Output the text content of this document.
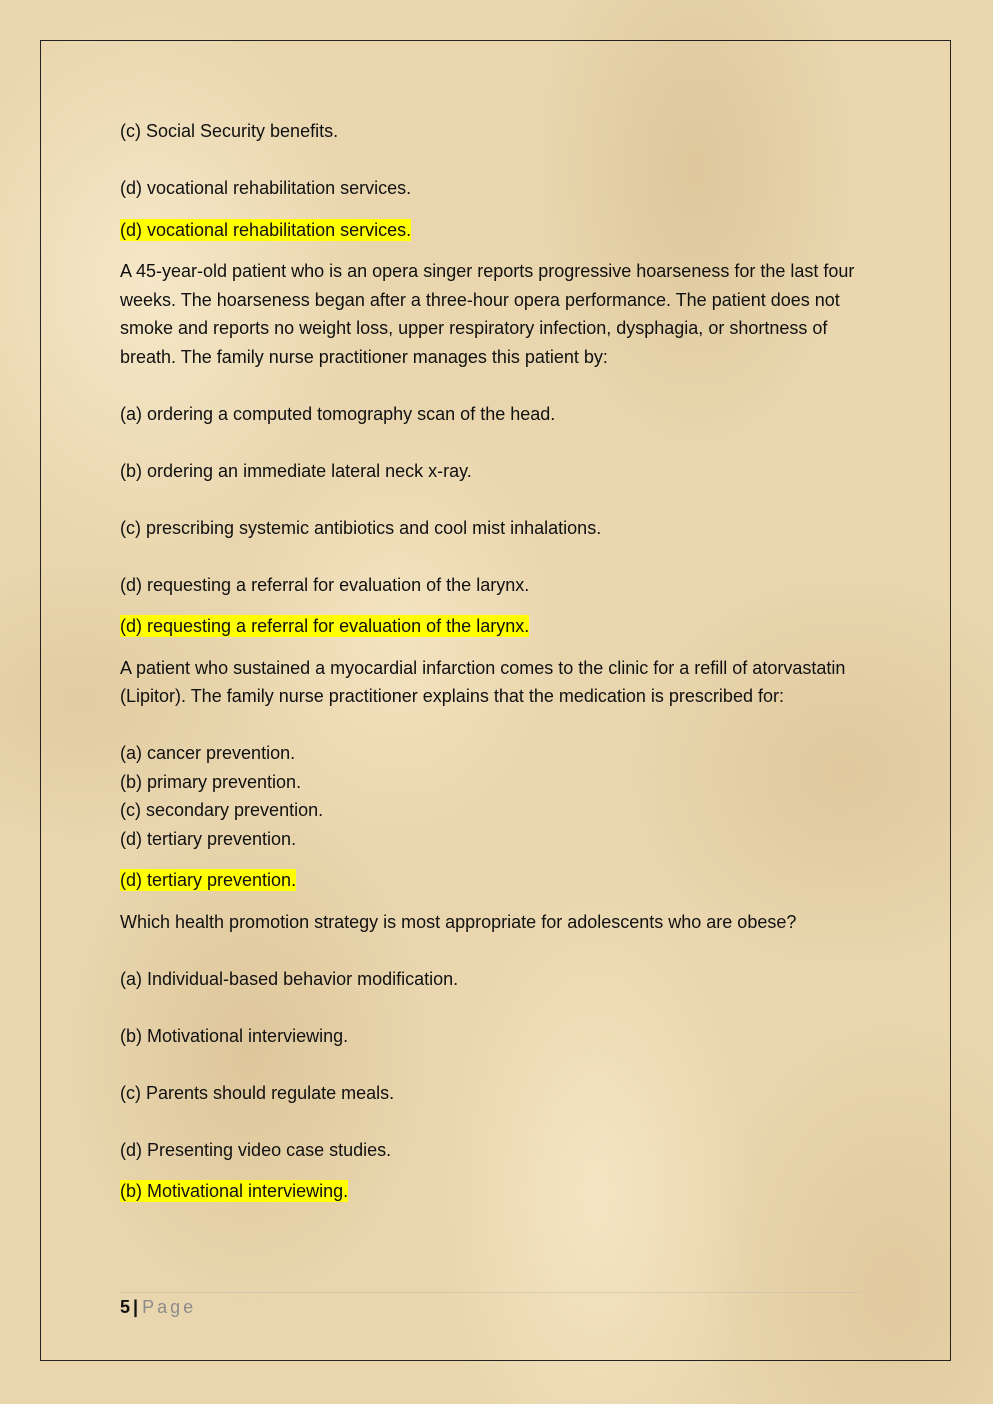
(c) Social Security benefits.

(d) vocational rehabilitation services.

(d) vocational rehabilitation services.

A 45-year-old patient who is an opera singer reports progressive hoarseness for the last four weeks. The hoarseness began after a three-hour opera performance. The patient does not smoke and reports no weight loss, upper respiratory infection, dysphagia, or shortness of breath. The family nurse practitioner manages this patient by:

(a) ordering a computed tomography scan of the head.

(b) ordering an immediate lateral neck x-ray.

(c) prescribing systemic antibiotics and cool mist inhalations.

(d) requesting a referral for evaluation of the larynx.

(d) requesting a referral for evaluation of the larynx.

A patient who sustained a myocardial infarction comes to the clinic for a refill of atorvastatin (Lipitor). The family nurse practitioner explains that the medication is prescribed for:

(a) cancer prevention.

(b) primary prevention.

(c) secondary prevention.

(d) tertiary prevention.

(d) tertiary prevention.

Which health promotion strategy is most appropriate for adolescents who are obese?

(a) Individual-based behavior modification.

(b) Motivational interviewing.

(c) Parents should regulate meals.

(d) Presenting video case studies.

(b) Motivational interviewing.

5 | Page
